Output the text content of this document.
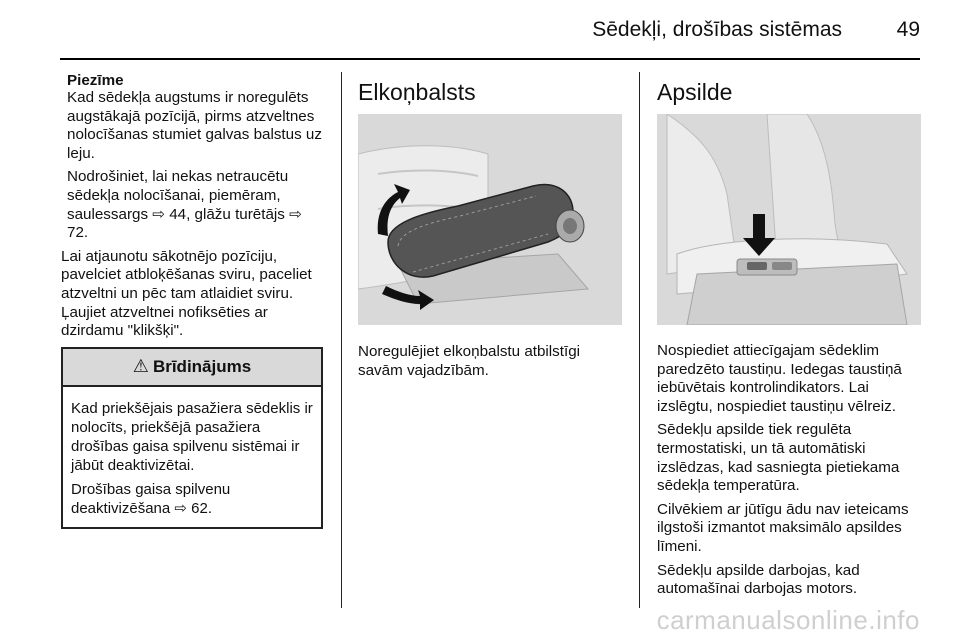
Sēdekļi, drošības sistēmas	49
Piezīme

Kad sēdekļa augstums ir noregulēts augstākajā pozīcijā, pirms atzveltnes nolocīšanas stumiet galvas balstus uz leju.

Nodrošiniet, lai nekas netraucētu sēdekļa nolocīšanai, piemēram, saulessargs ⇨ 44, glāžu turētājs ⇨ 72.

Lai atjaunotu sākotnējo pozīciju, pavelciet atbloķēšanas sviru, paceliet atzveltni un pēc tam atlaidiet sviru. Ļaujiet atzveltnei nofiksēties ar dzirdamu "klikšķi".

⚠ Brīdinājums

Kad priekšējais pasažiera sēdeklis ir nolocīts, priekšējā pasažiera drošības gaisa spilvenu sistēmai ir jābūt deaktivizētai.

Drošības gaisa spilvenu deaktivizēšana ⇨ 62.

Elkoņbalsts

Noregulējiet elkoņbalstu atbilstīgi savām vajadzībām.

Apsilde

Nospiediet attiecīgajam sēdeklim paredzēto taustiņu. Iedegas taustiņā iebūvētais kontrolindikators. Lai izslēgtu, nospiediet taustiņu vēlreiz.

Sēdekļu apsilde tiek regulēta termostatiski, un tā automātiski izslēdzas, kad sasniegta pietiekama sēdekļa temperatūra.

Cilvēkiem ar jūtīgu ādu nav ieteicams ilgstoši izmantot maksimālo apsildes līmeni.

Sēdekļu apsilde darbojas, kad automašīnai darbojas motors.

carmanualsonline.info
